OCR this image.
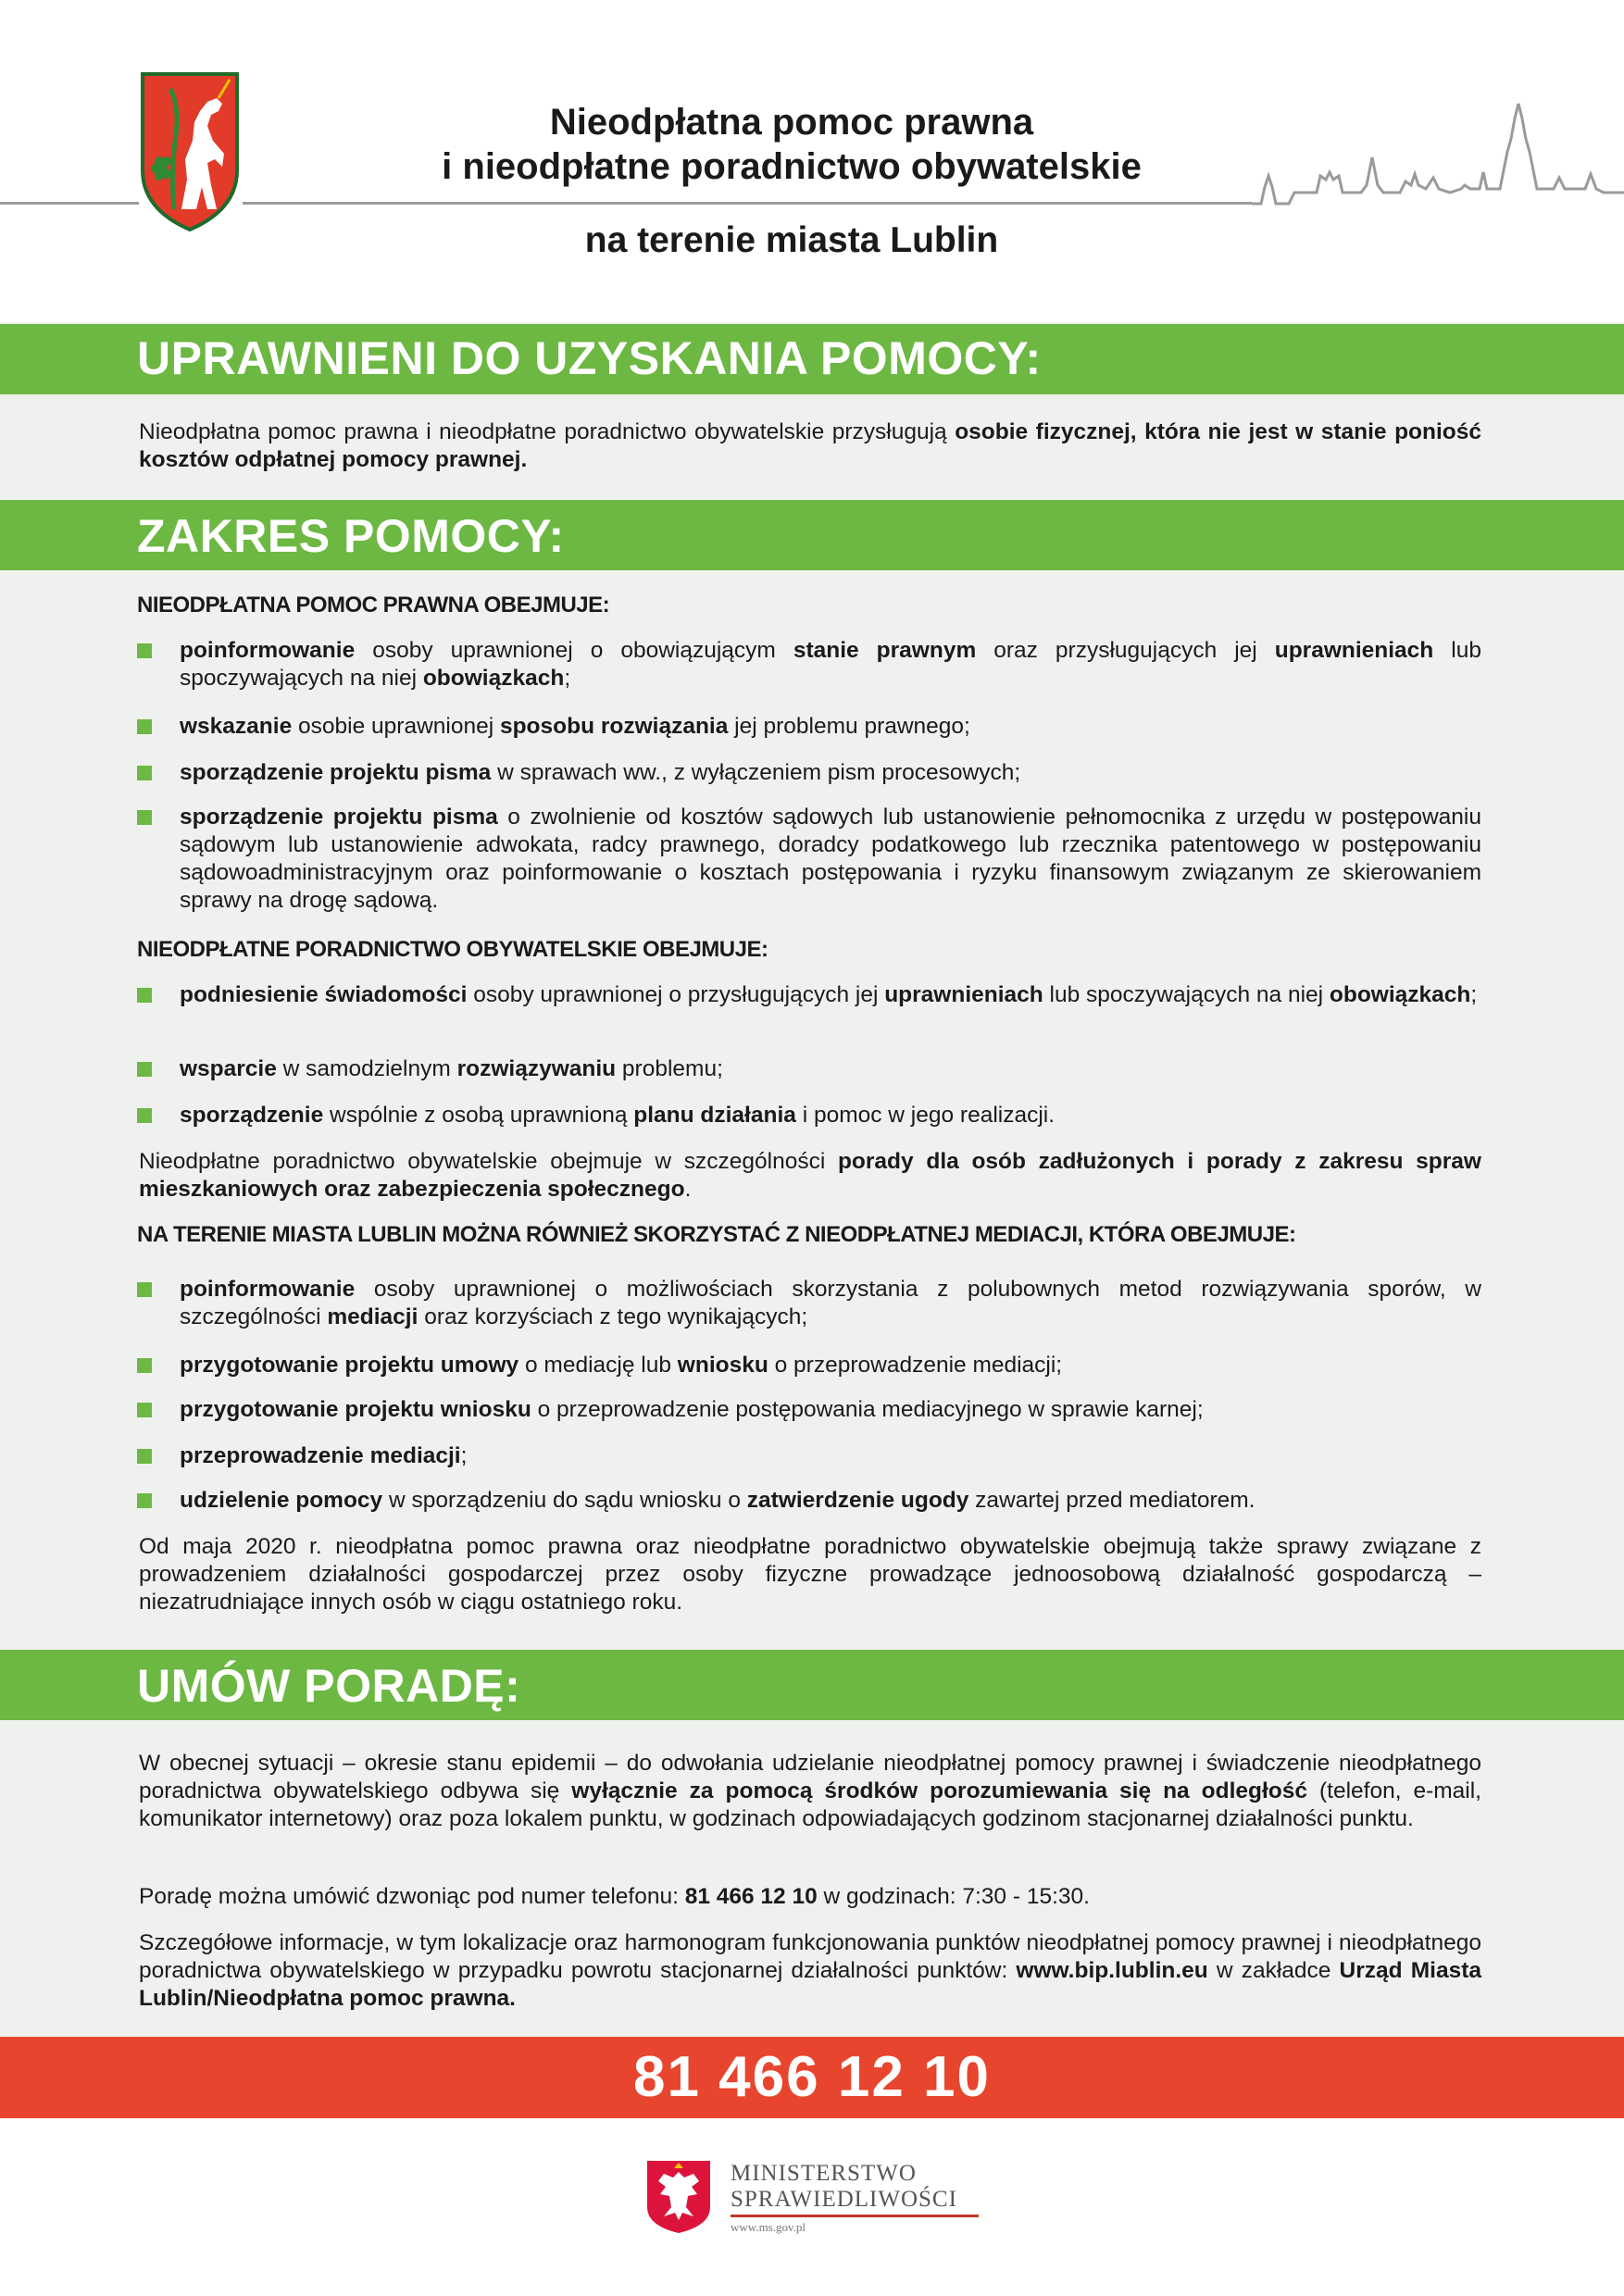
Nieodpłatna pomoc prawna
i nieodpłatne poradnictwo obywatelskie
na terenie miasta Lublin
UPRAWNIENI DO UZYSKANIA POMOCY:
Nieodpłatna pomoc prawna i nieodpłatne poradnictwo obywatelskie przysługują osobie fizycznej, która nie jest w stanie poniość kosztów odpłatnej pomocy prawnej.
ZAKRES POMOCY:
NIEODPŁATNA POMOC PRAWNA OBEJMUJE:
poinformowanie osoby uprawnionej o obowiązującym stanie prawnym oraz przysługujących jej uprawnieniach lub spoczywających na niej obowiązkach;
wskazanie osobie uprawnionej sposobu rozwiązania jej problemu prawnego;
sporządzenie projektu pisma w sprawach ww., z wyłączeniem pism procesowych;
sporządzenie projektu pisma o zwolnienie od kosztów sądowych lub ustanowienie pełnomocnika z urzędu w postępowaniu sądowym lub ustanowienie adwokata, radcy prawnego, doradcy podatkowego lub rzecznika patentowego w postępowaniu sądowoadministracyjnym oraz poinformowanie o kosztach postępowania i ryzyku finansowym związanym ze skierowaniem sprawy na drogę sądową.
NIEODPŁATNE PORADNICTWO OBYWATELSKIE OBEJMUJE:
podniesienie świadomości osoby uprawnionej o przysługujących jej uprawnieniach lub spoczywających na niej obowiązkach;
wsparcie w samodzielnym rozwiązywaniu problemu;
sporządzenie wspólnie z osobą uprawnioną planu działania i pomoc w jego realizacji.
Nieodpłatne poradnictwo obywatelskie obejmuje w szczególności porady dla osób zadłużonych i porady z zakresu spraw mieszkaniowych oraz zabezpieczenia społecznego.
NA TERENIE MIASTA LUBLIN MOŻNA RÓWNIEŻ SKORZYSTAĆ Z NIEODPŁATNEJ MEDIACJI, KTÓRA OBEJMUJE:
poinformowanie osoby uprawnionej o możliwościach skorzystania z polubownych metod rozwiązywania sporów, w szczególności mediacji oraz korzyściach z tego wynikających;
przygotowanie projektu umowy o mediację lub wniosku o przeprowadzenie mediacji;
przygotowanie projektu wniosku o przeprowadzenie postępowania mediacyjnego w sprawie karnej;
przeprowadzenie mediacji;
udzielenie pomocy w sporządzeniu do sądu wniosku o zatwierdzenie ugody zawartej przed mediatorem.
Od maja 2020 r. nieodpłatna pomoc prawna oraz nieodpłatne poradnictwo obywatelskie obejmują także sprawy związane z prowadzeniem działalności gospodarczej przez osoby fizyczne prowadzące jednoosobową działalność gospodarczą – niezatrudniające innych osób w ciągu ostatniego roku.
UMÓW PORADĘ:
W obecnej sytuacji – okresie stanu epidemii – do odwołania udzielanie nieodpłatnej pomocy prawnej i świadczenie nieodpłatnego poradnictwa obywatelskiego odbywa się wyłącznie za pomocą środków porozumiewania się na odległość (telefon, e-mail, komunikator internetowy) oraz poza lokalem punktu, w godzinach odpowiadających godzinom stacjonarnej działalności punktu.
Poradę można umówić dzwoniąc pod numer telefonu: 81 466 12 10 w godzinach: 7:30 - 15:30.
Szczegółowe informacje, w tym lokalizacje oraz harmonogram funkcjonowania punktów nieodpłatnej pomocy prawnej i nieodpłatnego poradnictwa obywatelskiego w przypadku powrotu stacjonarnej działalności punktów: www.bip.lublin.eu w zakładce Urząd Miasta Lublin/Nieodpłatna pomoc prawna.
81 466 12 10
MINISTERSTWO
SPRAWIEDLIWOŚCI
www.ms.gov.pl
